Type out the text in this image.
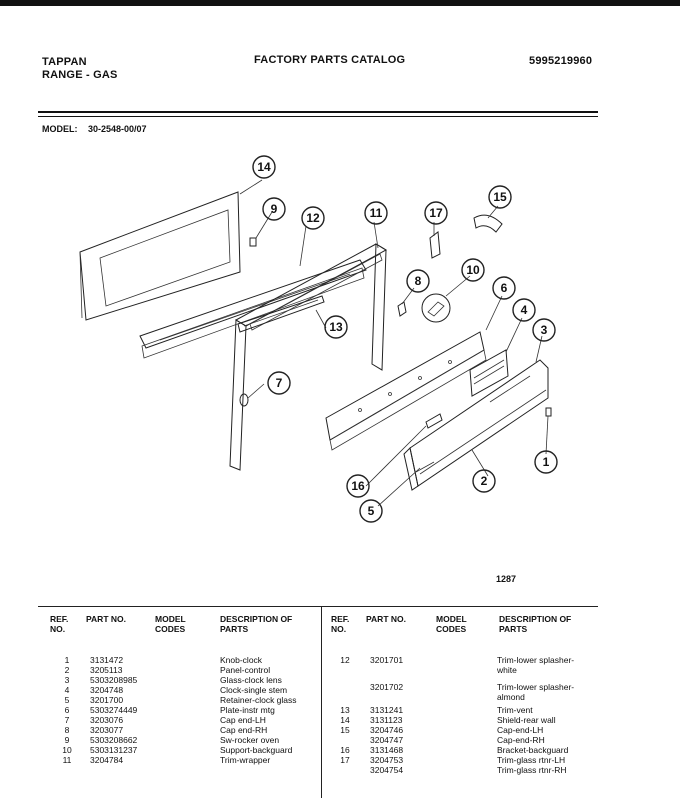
TAPPAN
RANGE - GAS
FACTORY PARTS CATALOG	5995219960
MODEL: 30-2548-00/07
14
9
12	11	17
15
10
8	6
4
3
13
7
1
2
16
5
1287
REF. NO.
PART NO.	MODEL CODES
DESCRIPTION OF PARTS
REF. NO.
PART NO.	MODEL CODES
DESCRIPTION OF PARTS
1	3131472	Knob-clock
2	3205113	Panel-control
3	5303208985	Glass-clock lens
4	3204748	Clock-single stem
5	3201700	Retainer-clock glass
6	5303274449	Plate-instr mtg
7	3203076	Cap end-LH
8	3203077	Cap end-RH
9	5303208662	Sw-rocker oven
10	5303131237	Support-backguard
11	3204784	Trim-wrapper
12	3201701	Trim-lower splasher-
white
3201702	Trim-lower splasher-
almond
13	3131241	Trim-vent
14	3131123	Shield-rear wall
15	3204746	Cap-end-LH
3204747	Cap-end-RH
16	3131468	Bracket-backguard
17	3204753	Trim-glass rtnr-LH
3204754	Trim-glass rtnr-RH
